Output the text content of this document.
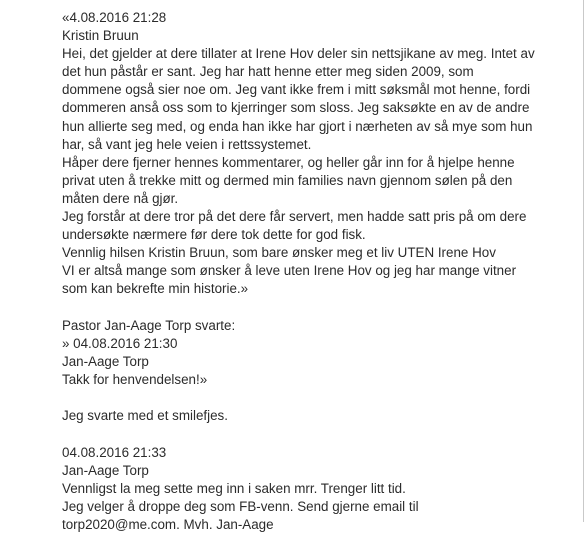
«4.08.2016 21:28
Kristin Bruun
Hei, det gjelder at dere tillater at Irene Hov deler sin nettsjikane av meg. Intet av
det hun påstår er sant. Jeg har hatt henne etter meg siden 2009, som
dommene også sier noe om. Jeg vant ikke frem i mitt søksmål mot henne, fordi
dommeren anså oss som to kjerringer som sloss. Jeg saksøkte en av de andre
hun allierte seg med, og enda han ikke har gjort i nærheten av så mye som hun
har, så vant jeg hele veien i rettssystemet.
Håper dere fjerner hennes kommentarer, og heller går inn for å hjelpe henne
privat uten å trekke mitt og dermed min families navn gjennom sølen på den
måten dere nå gjør.
Jeg forstår at dere tror på det dere får servert, men hadde satt pris på om dere
undersøkte nærmere før dere tok dette for god fisk.
Vennlig hilsen Kristin Bruun, som bare ønsker meg et liv UTEN Irene Hov
VI er altså mange som ønsker å leve uten Irene Hov og jeg har mange vitner
som kan bekrefte min historie.»
Pastor Jan-Aage Torp svarte:
» 04.08.2016 21:30
Jan-Aage Torp
Takk for henvendelsen!»
Jeg svarte med et smilefjes.
04.08.2016 21:33
Jan-Aage Torp
Vennligst la meg sette meg inn i saken mrr. Trenger litt tid.
Jeg velger å droppe deg som FB-venn. Send gjerne email til
torp2020@me.com. Mvh. Jan-Aage
